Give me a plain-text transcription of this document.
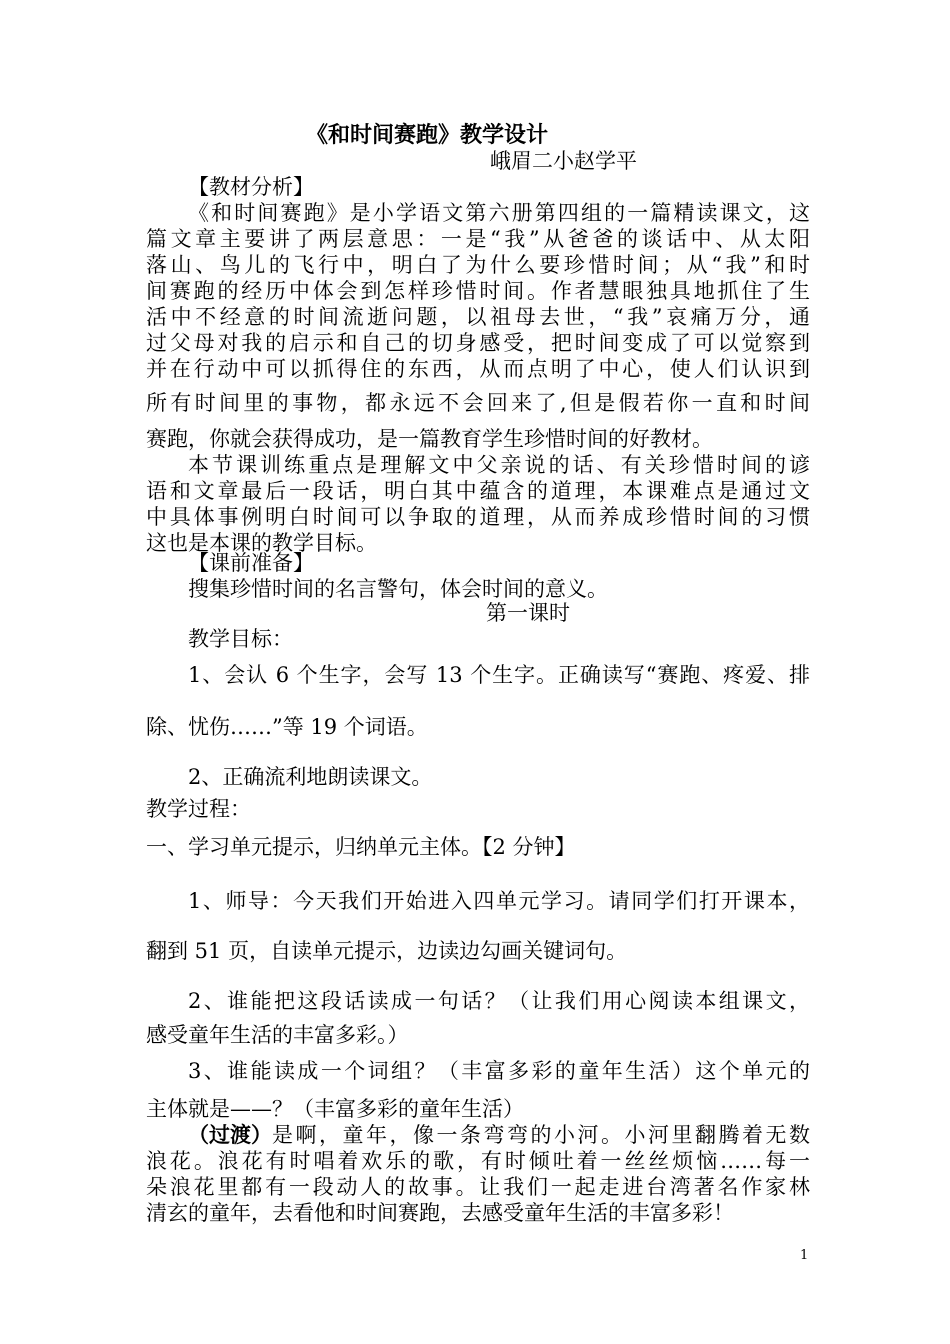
《和时间赛跑》教学设计
峨眉二小赵学平
【教材分析】
《和时间赛跑》是小学语文第六册第四组的一篇精读课文，这
篇文章主要讲了两层意思：一是“我”从爸爸的谈话中、从太阳
落山、鸟儿的飞行中，明白了为什么要珍惜时间；从“我”和时
间赛跑的经历中体会到怎样珍惜时间。作者慧眼独具地抓住了生
活中不经意的时间流逝问题，以祖母去世，“我”哀痛万分，通
过父母对我的启示和自己的切身感受，把时间变成了可以觉察到
并在行动中可以抓得住的东西，从而点明了中心，使人们认识到
所有时间里的事物，都永远不会回来了,但是假若你一直和时间
赛跑，你就会获得成功，是一篇教育学生珍惜时间的好教材。
本节课训练重点是理解文中父亲说的话、有关珍惜时间的谚
语和文章最后一段话，明白其中蕴含的道理，本课难点是通过文
中具体事例明白时间可以争取的道理，从而养成珍惜时间的习惯
这也是本课的教学目标。
【课前准备】
搜集珍惜时间的名言警句，体会时间的意义。
第一课时
教学目标：
1、会认 6 个生字，会写 13 个生字。正确读写“赛跑、疼爱、排
除、忧伤……”等 19 个词语。
2、正确流利地朗读课文。
教学过程：
一、学习单元提示，归纳单元主体。【2 分钟】
1、师导：今天我们开始进入四单元学习。请同学们打开课本，
翻到 51 页，自读单元提示，边读边勾画关键词句。
2、谁能把这段话读成一句话？（让我们用心阅读本组课文，
感受童年生活的丰富多彩。）
3、谁能读成一个词组？（丰富多彩的童年生活）这个单元的
主体就是——？（丰富多彩的童年生活）
（过渡） 是啊，童年，像一条弯弯的小河。小河里翻腾着无数
浪花。浪花有时唱着欢乐的歌，有时倾吐着一丝丝烦恼……每一
朵浪花里都有一段动人的故事。让我们一起走进台湾著名作家林
清玄的童年，去看他和时间赛跑，去感受童年生活的丰富多彩！
1
